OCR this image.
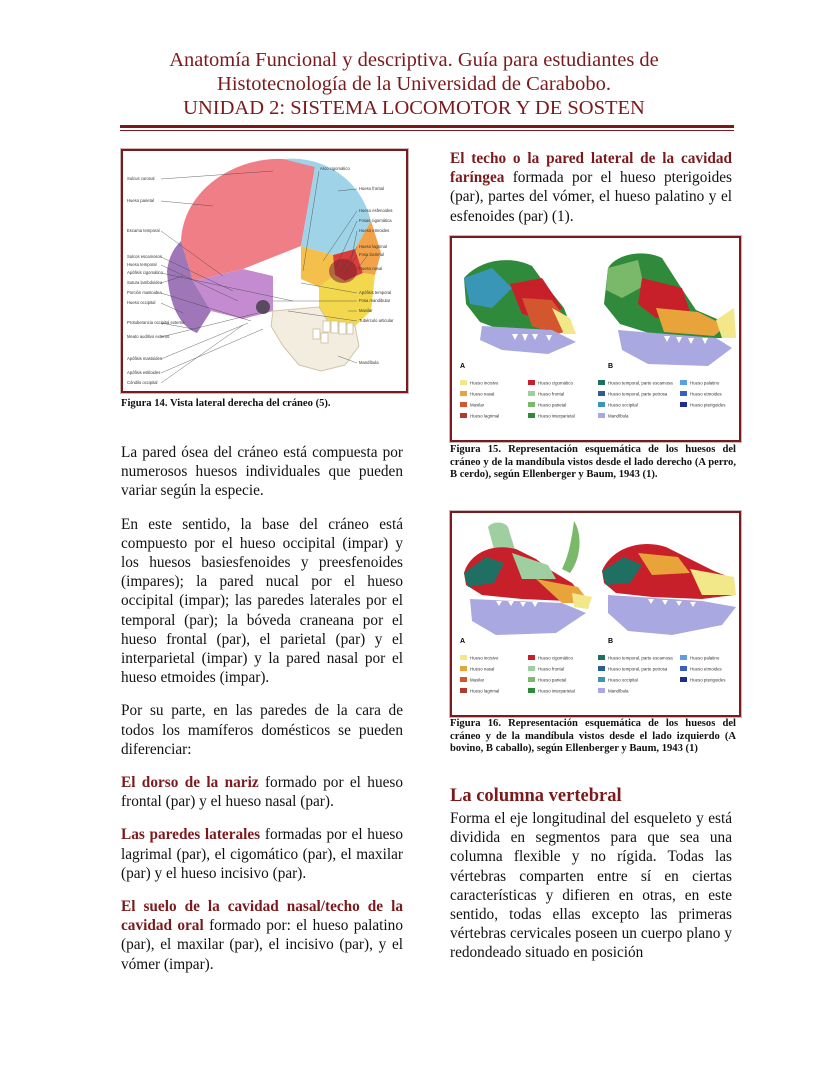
Anatomía Funcional y descriptiva. Guía para estudiantes de
Histotecnología de la Universidad de Carabobo.
UNIDAD 2: SISTEMA LOCOMOTOR Y DE SOSTEN
Sulcus coronal
Hueso parietal
Escama temporal
Sulcos escamosos
Hueso temporal
Apófisis cigomático
Sutura lambdoidea
Porción mastoidea
Hueso occipital
Protuberancia occipital externa
Meato auditivo externo
Apófisis mastoides
Apófisis estiloides
Cóndilo occipital
Arco cigomático
Hueso frontal
Hueso esfenoides
Fosas cigomática
Hueso etmoides
Hueso lagrimal
Fosa lacrimal
Hueso nasal
Apófisis temporal
Fosa mandibular
Maxilar
Tubérculo articular
Mandíbula
Figura 14. Vista lateral derecha del cráneo (5).

La pared ósea del cráneo está compuesta por numerosos huesos individuales que pueden variar según la especie.

En este sentido, la base del cráneo está compuesto por el hueso occipital (impar) y los huesos basiesfenoides y preesfenoides (impares); la pared nucal por el hueso occipital (impar); las paredes laterales por el temporal (par); la bóveda craneana por el hueso frontal (par), el parietal (par) y el interparietal (impar) y la pared nasal por el hueso etmoides (impar).

Por su parte, en las paredes de la cara de todos los mamíferos domésticos se pueden diferenciar:

El dorso de la nariz formado por el hueso frontal (par) y el hueso nasal (par).

Las paredes laterales formadas por el hueso lagrimal (par), el cigomático (par), el maxilar (par) y el hueso incisivo (par).

El suelo de la cavidad nasal/techo de la cavidad oral formado por: el hueso palatino (par), el maxilar (par), el incisivo (par), y el vómer (impar).

El techo o la pared lateral de la cavidad faríngea formada por el hueso pterigoides (par), partes del vómer, el hueso palatino y el esfenoides (par) (1).

A	B
Hueso incisivo
Hueso nasal
Maxilar
Hueso lagrimal
Hueso cigomático
Hueso frontal
Hueso parietal
Hueso interparietal
Hueso temporal, parte escamosa
Hueso temporal, parte petrosa
Hueso occipital
Mandíbula
Hueso palatino
Hueso etmoides
Hueso pterigoides
Figura 15. Representación esquemática de los huesos del cráneo y de la mandíbula vistos desde el lado derecho (A perro, B cerdo), según Ellenberger y Baum, 1943 (1).
A	B
Hueso incisivo
Hueso nasal
Maxilar
Hueso lagrimal
Hueso cigomático
Hueso frontal
Hueso parietal
Hueso interparietal
Hueso temporal, parte escamosa
Hueso temporal, parte petrosa
Hueso occipital
Mandíbula
Hueso palatino
Hueso etmoides
Hueso pterigoides
Figura 16. Representación esquemática de los huesos del cráneo y de la mandíbula vistos desde el lado izquierdo (A bovino, B caballo), según Ellenberger y Baum, 1943 (1)
La columna vertebral

Forma el eje longitudinal del esqueleto y está dividida en segmentos para que sea una columna flexible y no rígida. Todas las vértebras comparten entre sí en ciertas características y difieren en otras, en este sentido, todas ellas excepto las primeras vértebras cervicales poseen un cuerpo plano y redondeado situado en posición
